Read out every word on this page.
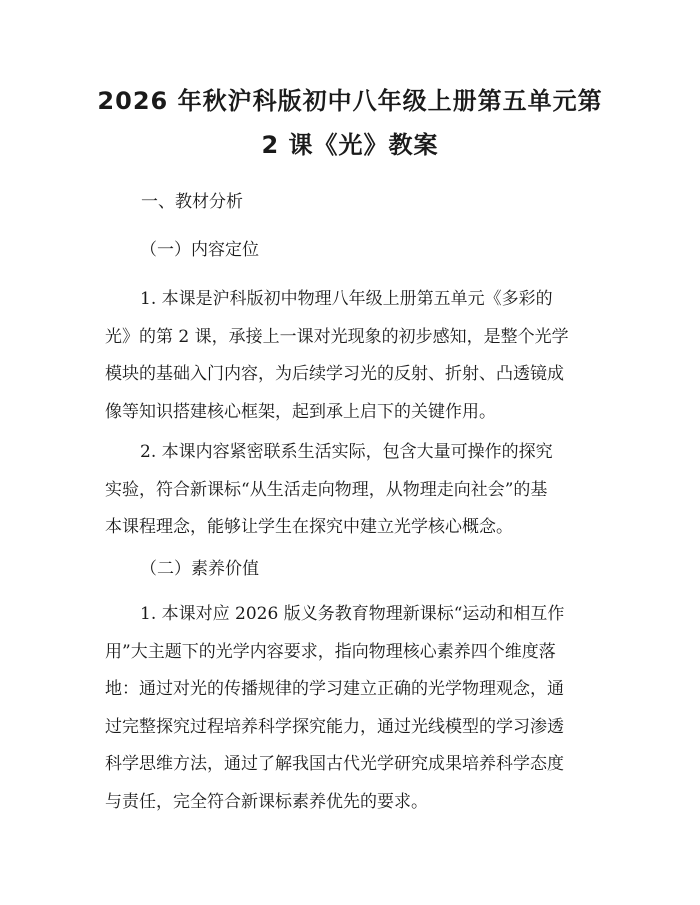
2026 年秋沪科版初中八年级上册第五单元第
2 课《光》教案
一、教材分析
（一）内容定位
1. 本课是沪科版初中物理八年级上册第五单元《多彩的
光》的第 2 课，承接上一课对光现象的初步感知，是整个光学
模块的基础入门内容，为后续学习光的反射、折射、凸透镜成
像等知识搭建核心框架，起到承上启下的关键作用。
2. 本课内容紧密联系生活实际，包含大量可操作的探究
实验，符合新课标“从生活走向物理，从物理走向社会”的基
本课程理念，能够让学生在探究中建立光学核心概念。
（二）素养价值
1. 本课对应 2026 版义务教育物理新课标“运动和相互作
用”大主题下的光学内容要求，指向物理核心素养四个维度落
地：通过对光的传播规律的学习建立正确的光学物理观念，通
过完整探究过程培养科学探究能力，通过光线模型的学习渗透
科学思维方法，通过了解我国古代光学研究成果培养科学态度
与责任，完全符合新课标素养优先的要求。
